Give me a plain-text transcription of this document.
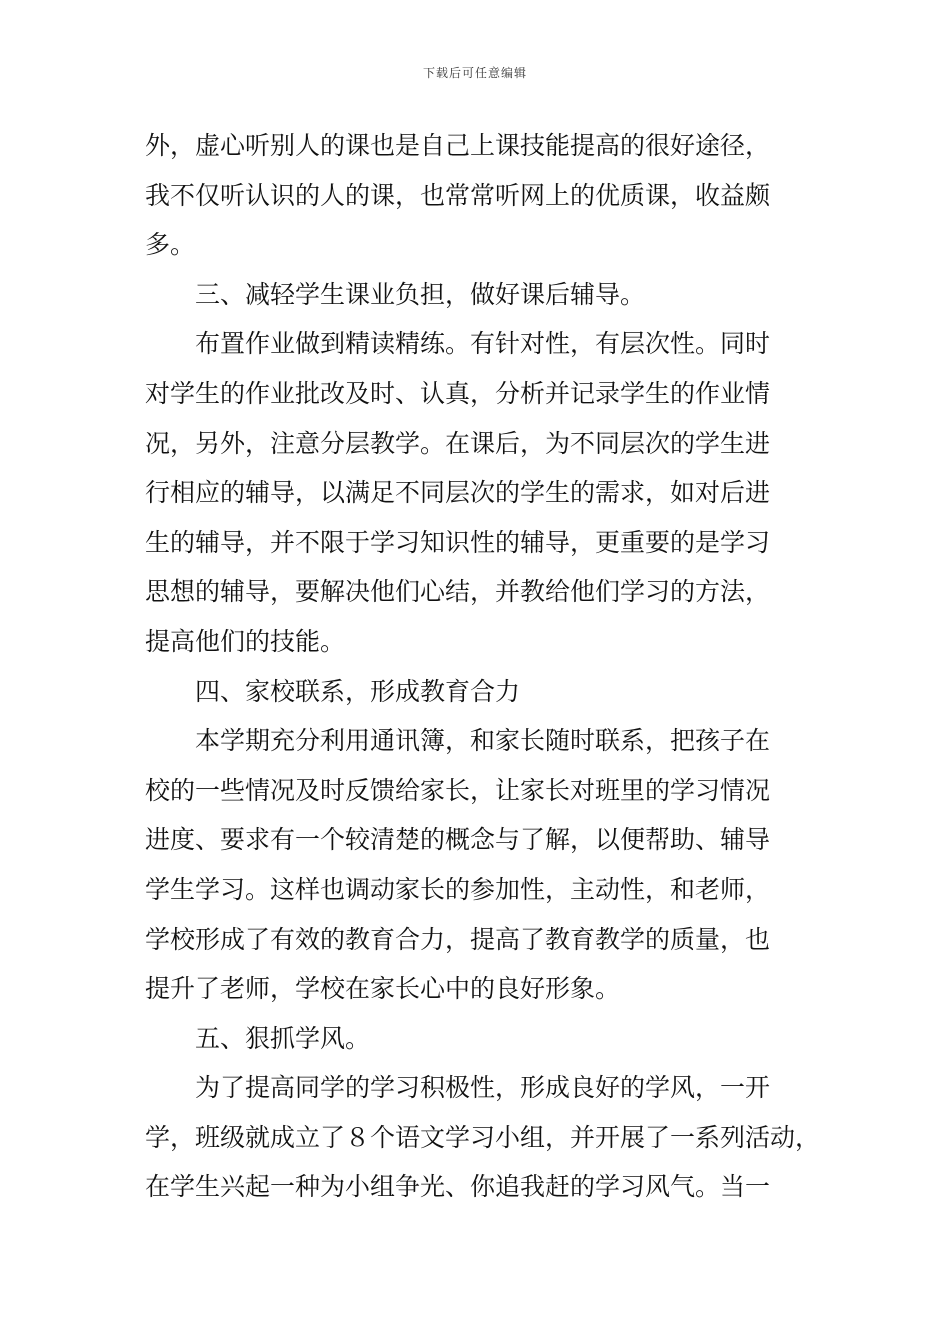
下载后可任意编辑
外，虚心听别人的课也是自己上课技能提高的很好途径，
我不仅听认识的人的课，也常常听网上的优质课，收益颇
多。
三、减轻学生课业负担，做好课后辅导。
布置作业做到精读精练。有针对性，有层次性。同时
对学生的作业批改及时、认真，分析并记录学生的作业情
况，另外，注意分层教学。在课后，为不同层次的学生进
行相应的辅导，以满足不同层次的学生的需求，如对后进
生的辅导，并不限于学习知识性的辅导，更重要的是学习
思想的辅导，要解决他们心结，并教给他们学习的方法，
提高他们的技能。
四、家校联系，形成教育合力
本学期充分利用通讯簿，和家长随时联系，把孩子在
校的一些情况及时反馈给家长，让家长对班里的学习情况
进度、要求有一个较清楚的概念与了解，以便帮助、辅导
学生学习。这样也调动家长的参加性，主动性，和老师，
学校形成了有效的教育合力，提高了教育教学的质量，也
提升了老师，学校在家长心中的良好形象。
五、狠抓学风。
为了提高同学的学习积极性，形成良好的学风，一开
学，班级就成立了８个语文学习小组，并开展了一系列活动，
在学生兴起一种为小组争光、你追我赶的学习风气。当一
